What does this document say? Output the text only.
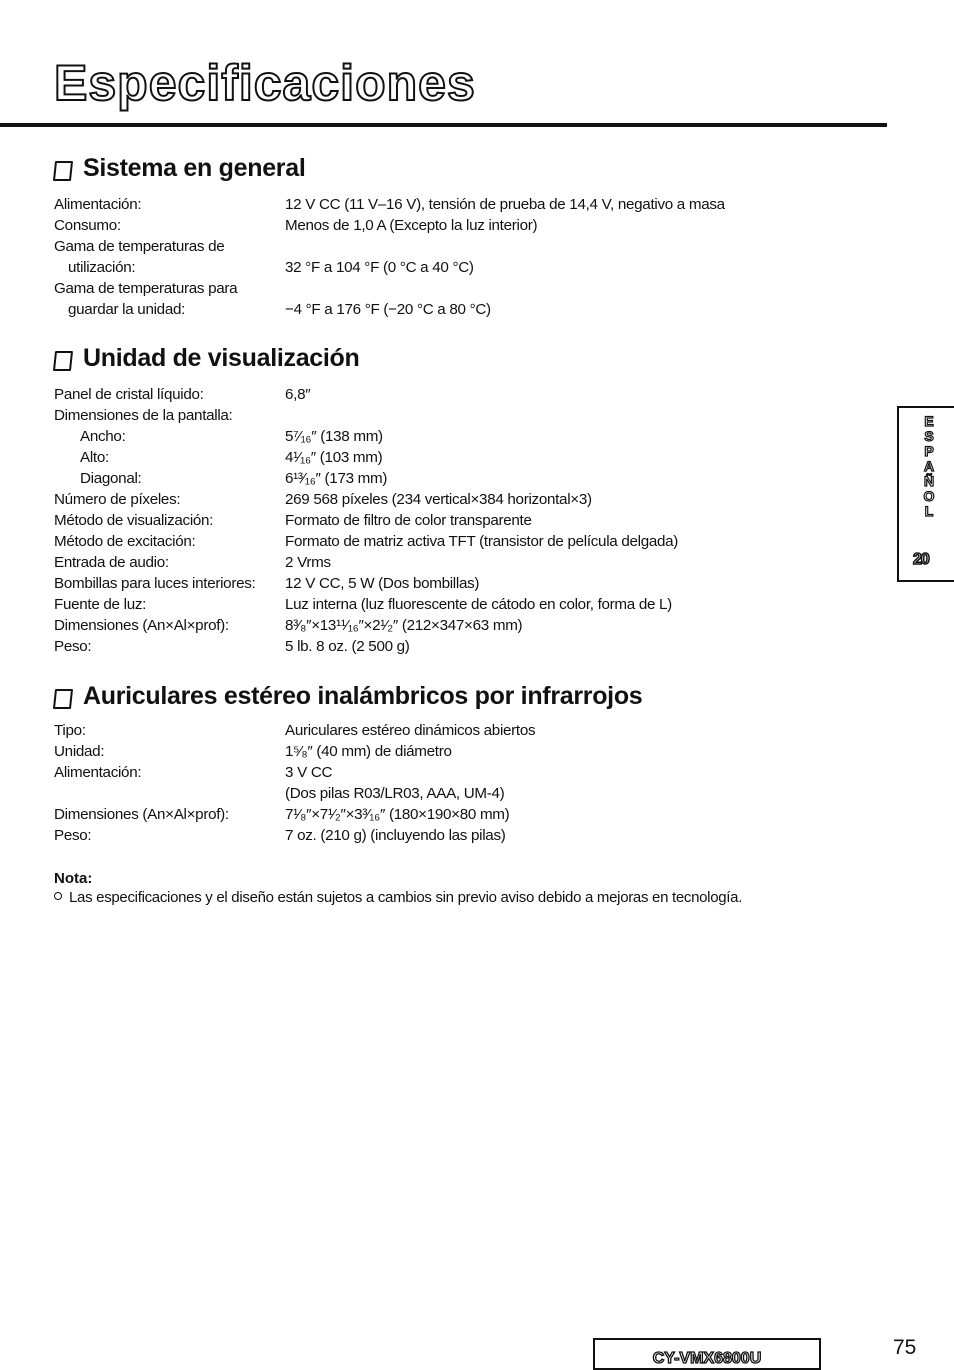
Especificaciones
Sistema en general
Alimentación:	12 V CC (11 V–16 V), tensión de prueba de 14,4 V, negativo a masa
Consumo:	Menos de 1,0 A (Excepto la luz interior)
Gama de temperaturas de
utilización:	32 °F a 104 °F (0 °C a 40 °C)
Gama de temperaturas para
guardar la unidad:	−4 °F a 176 °F (−20 °C a 80 °C)
Unidad de visualización
Panel de cristal líquido:	6,8″
Dimensiones de la pantalla:
Ancho:	5⁷⁄₁₆″ (138 mm)
Alto:	4¹⁄₁₆″ (103 mm)
Diagonal:	6¹³⁄₁₆″ (173 mm)
Número de píxeles:	269 568 píxeles (234 vertical×384 horizontal×3)
Método de visualización:	Formato de filtro de color transparente
Método de excitación:	Formato de matriz activa TFT (transistor de película delgada)
Entrada de audio:	2 Vrms
Bombillas para luces interiores: 12 V CC, 5 W (Dos bombillas)
Fuente de luz:	Luz interna (luz fluorescente de cátodo en color, forma de L)
Dimensiones (An×Al×prof):	8³⁄₈″×13¹¹⁄₁₆″×2¹⁄₂″ (212×347×63 mm)
Peso:	5 lb. 8 oz. (2 500 g)
Auriculares estéreo inalámbricos por infrarrojos
Tipo:	Auriculares estéreo dinámicos abiertos
Unidad:	1⁵⁄₈″ (40 mm) de diámetro
Alimentación:	3 V CC
(Dos pilas R03/LR03, AAA, UM-4)
Dimensiones (An×Al×prof):	7¹⁄₈″×7¹⁄₂″×3³⁄₁₆″ (180×190×80 mm)
Peso:	7 oz. (210 g) (incluyendo las pilas)
Nota:
Las especificaciones y el diseño están sujetos a cambios sin previo aviso debido a mejoras en tecnología.
E
S
P
A
Ñ
O
L
20
CY-VMX6800U	75
